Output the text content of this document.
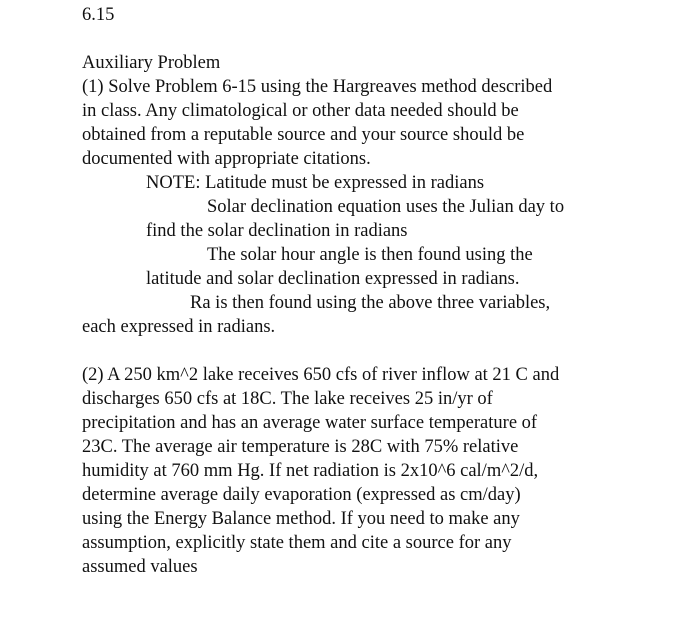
6.15
Auxiliary Problem
(1) Solve Problem 6-15 using the Hargreaves method described
in class. Any climatological or other data needed should be
obtained from a reputable source and your source should be
documented with appropriate citations.
NOTE: Latitude must be expressed in radians
Solar declination equation uses the Julian day to
find the solar declination in radians
The solar hour angle is then found using the
latitude and solar declination expressed in radians.
Ra is then found using the above three variables,
each expressed in radians.
(2) A 250 km^2 lake receives 650 cfs of river inflow at 21 C and
discharges 650 cfs at 18C. The lake receives 25 in/yr of
precipitation and has an average water surface temperature of
23C. The average air temperature is 28C with 75% relative
humidity at 760 mm Hg. If net radiation is 2x10^6 cal/m^2/d,
determine average daily evaporation (expressed as cm/day)
using the Energy Balance method. If you need to make any
assumption, explicitly state them and cite a source for any
assumed values
